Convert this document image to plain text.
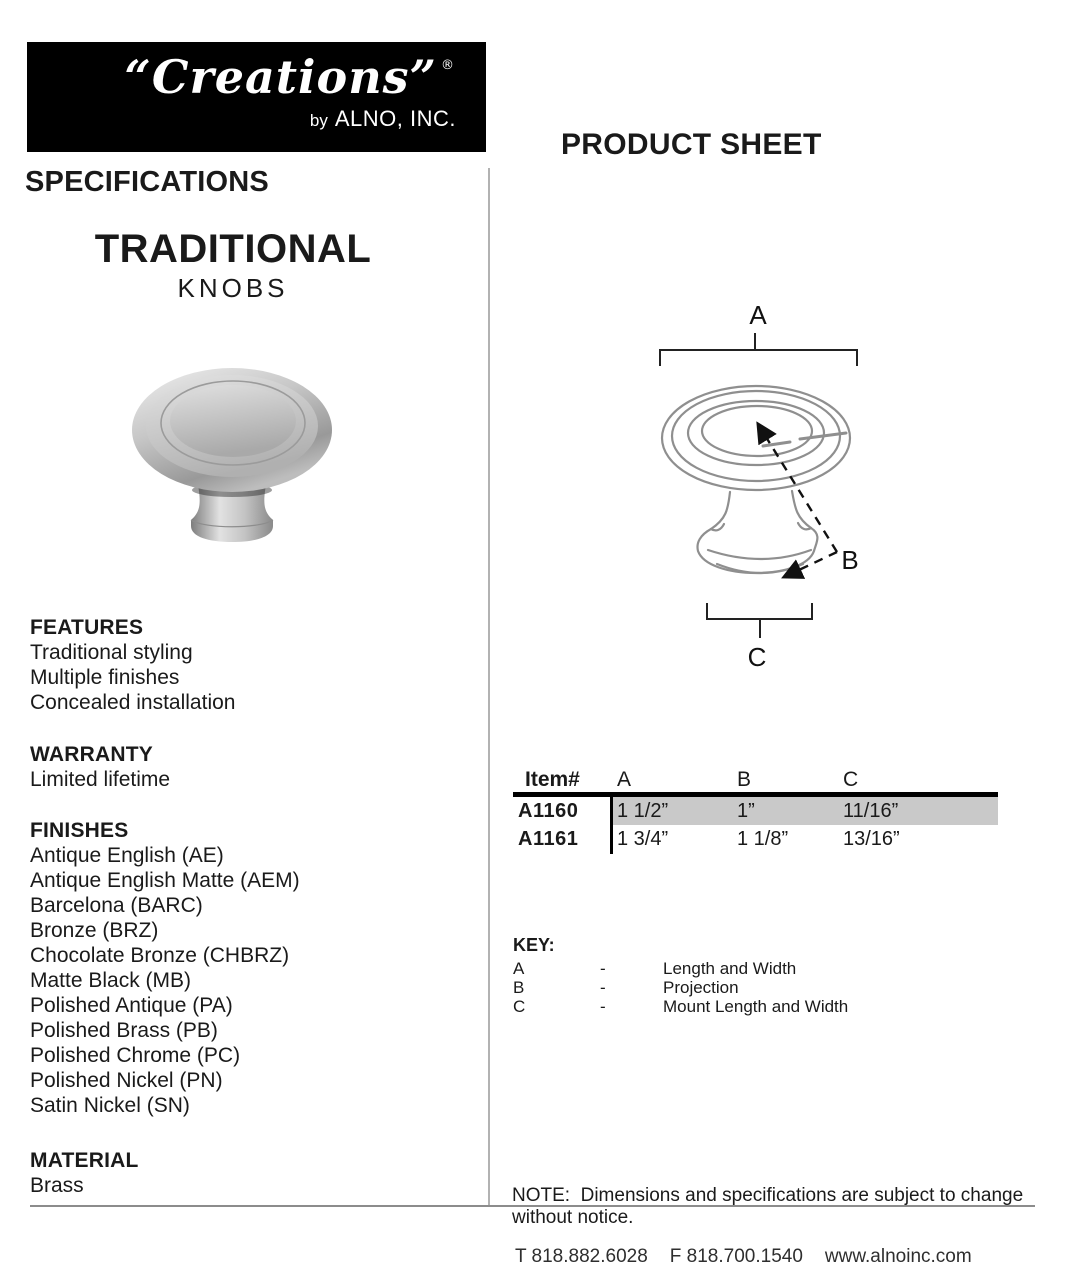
“Creations” ®
by ALNO, INC.
SPECIFICATIONS
TRADITIONAL
KNOBS
FEATURES
Traditional styling
Multiple finishes
Concealed installation
WARRANTY
Limited lifetime
FINISHES
Antique English (AE)
Antique English Matte (AEM)
Barcelona (BARC)
Bronze (BRZ)
Chocolate Bronze (CHBRZ)
Matte Black (MB)
Polished Antique (PA)
Polished Brass (PB)
Polished Chrome (PC)
Polished Nickel (PN)
Satin Nickel (SN)
MATERIAL
Brass
PRODUCT SHEET
A
B
C
Item#	A	B	C
A1160	1 1/2”	1”	11/16”
A1161	1 3/4”	1 1/8”	13/16”
KEY:
A	-	Length and Width
B	-	Projection
C	-	Mount Length and Width
NOTE:  Dimensions and specifications are subject to change without notice.
T 818.882.6028 F 818.700.1540 www.alnoinc.com
